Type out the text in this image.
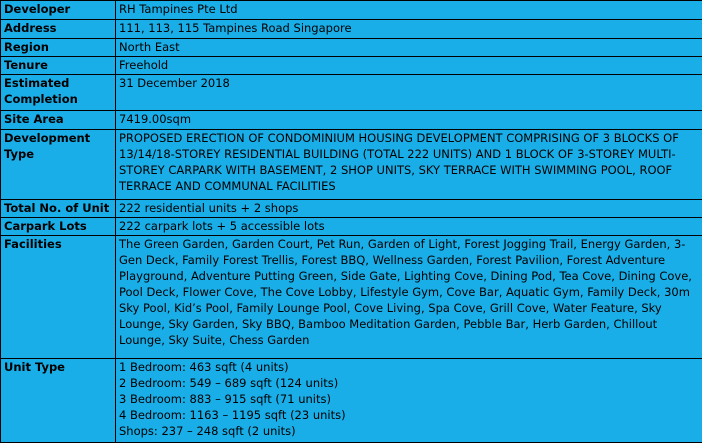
Developer	RH Tampines Pte Ltd
Address	111, 113, 115 Tampines Road Singapore
Region	North East
Tenure	Freehold
Estimated Completion	31 December 2018
Site Area	7419.00sqm
Development Type	PROPOSED ERECTION OF CONDOMINIUM HOUSING DEVELOPMENT COMPRISING OF 3 BLOCKS OF 13/14/18-STOREY RESIDENTIAL BUILDING (TOTAL 222 UNITS) AND 1 BLOCK OF 3-STOREY MULTI-STOREY CARPARK WITH BASEMENT, 2 SHOP UNITS, SKY TERRACE WITH SWIMMING POOL, ROOF TERRACE AND COMMUNAL FACILITIES
Total No. of Unit	222 residential units + 2 shops
Carpark Lots	222 carpark lots + 5 accessible lots
Facilities	The Green Garden, Garden Court, Pet Run, Garden of Light, Forest Jogging Trail, Energy Garden, 3-Gen Deck, Family Forest Trellis, Forest BBQ, Wellness Garden, Forest Pavilion, Forest Adventure Playground, Adventure Putting Green, Side Gate, Lighting Cove, Dining Pod, Tea Cove, Dining Cove, Pool Deck, Flower Cove, The Cove Lobby, Lifestyle Gym, Cove Bar, Aquatic Gym, Family Deck, 30m Sky Pool, Kid’s Pool, Family Lounge Pool, Cove Living, Spa Cove, Grill Cove, Water Feature, Sky Lounge, Sky Garden, Sky BBQ, Bamboo Meditation Garden, Pebble Bar, Herb Garden, Chillout Lounge, Sky Suite, Chess Garden
Unit Type	1 Bedroom: 463 sqft (4 units)
2 Bedroom: 549 – 689 sqft (124 units)
3 Bedroom: 883 – 915 sqft (71 units)
4 Bedroom: 1163 – 1195 sqft (23 units)
Shops: 237 – 248 sqft (2 units)
